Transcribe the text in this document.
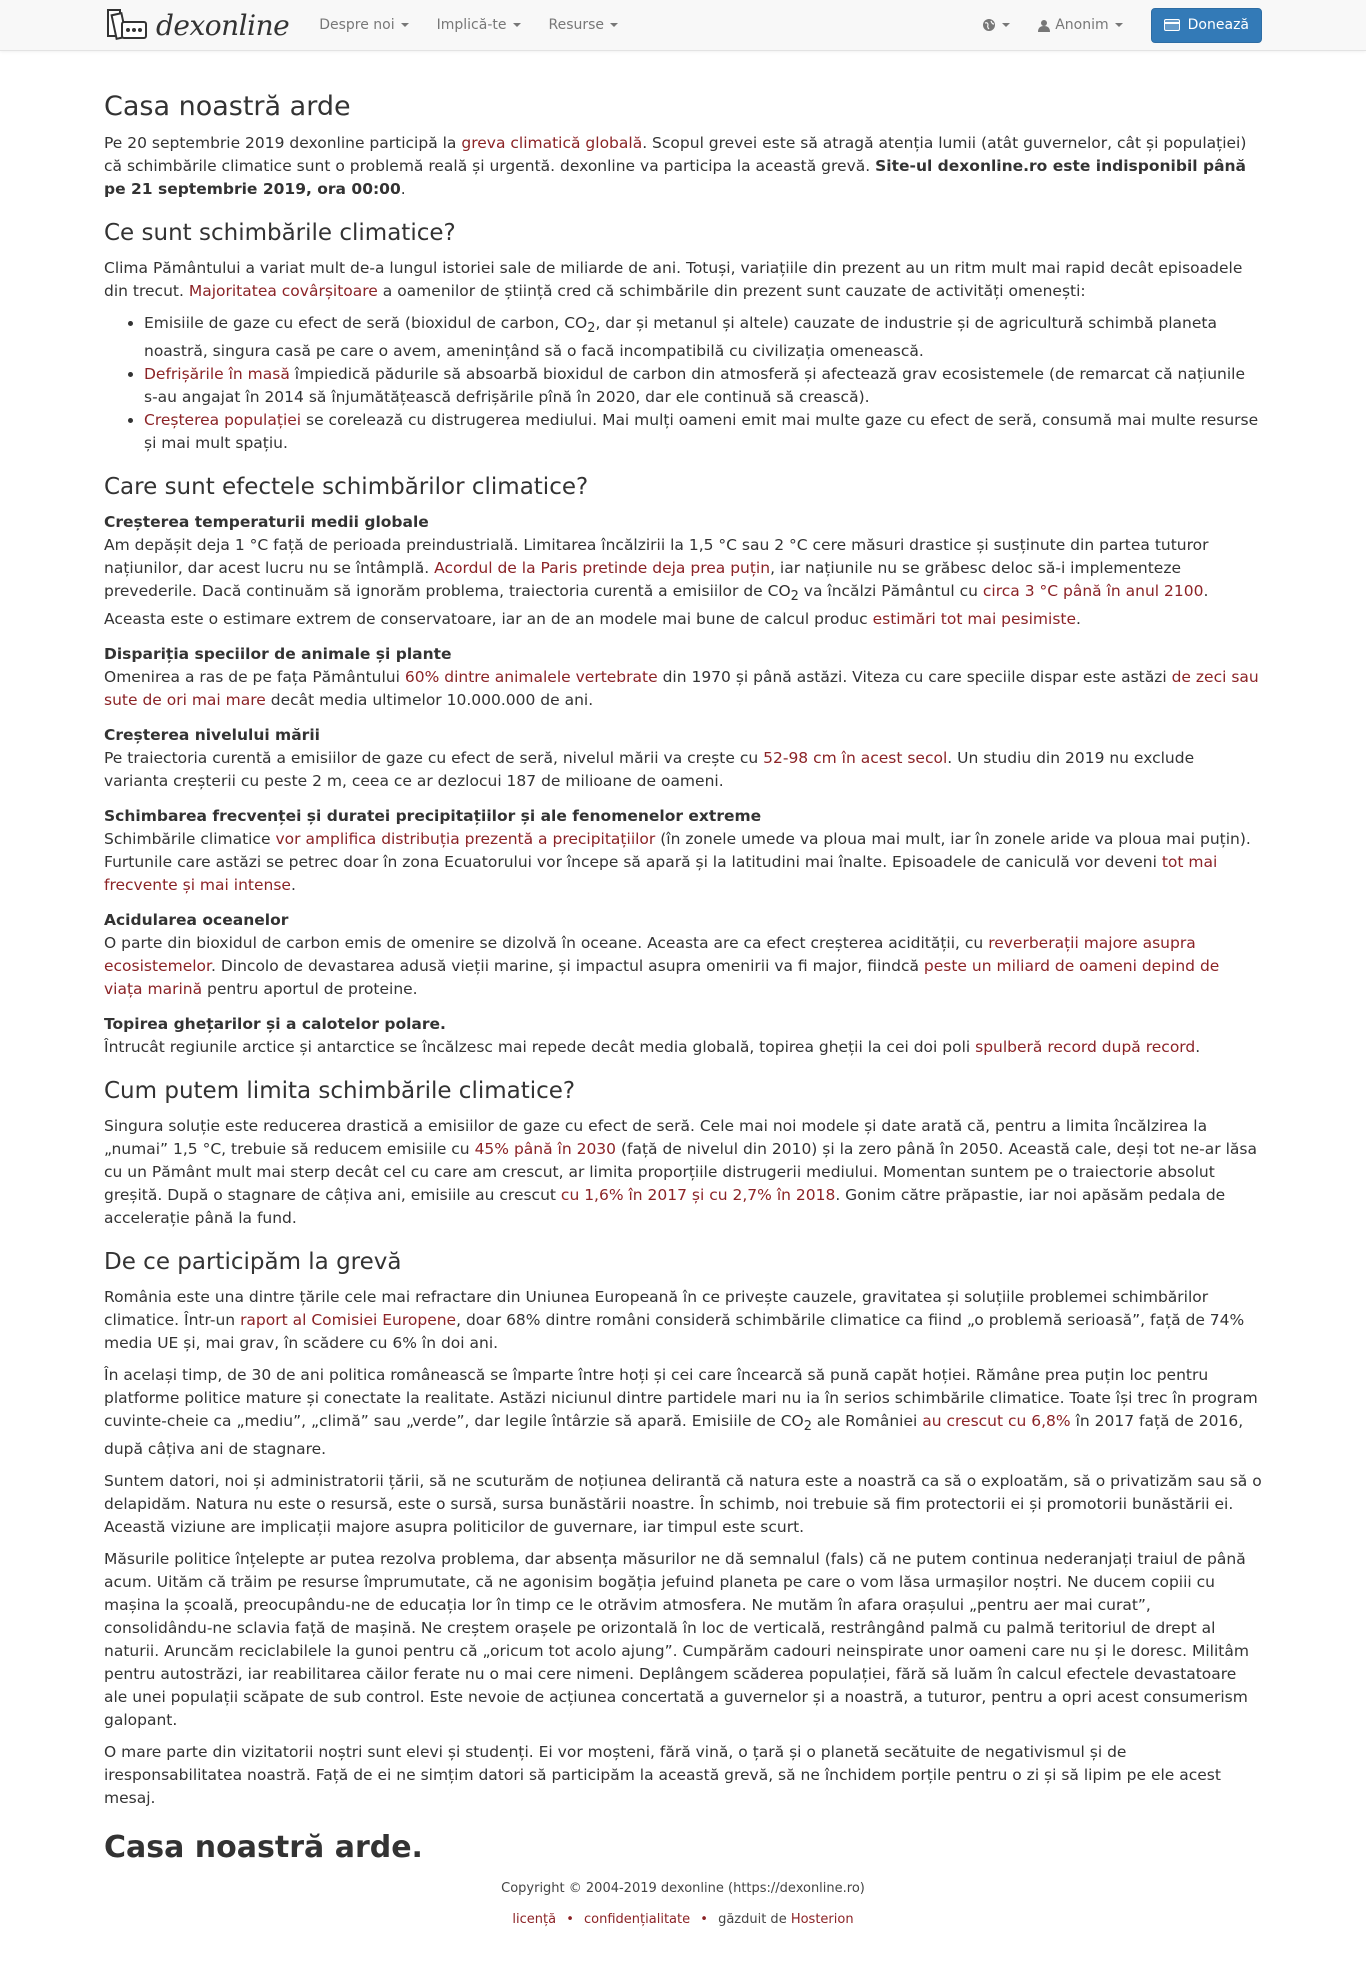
dexonline Despre noi	Implică-te	Resurse	Anonim	Donează
Casa noastră arde

Pe 20 septembrie 2019 dexonline participă la greva climatică globală. Scopul grevei este să atragă atenția lumii (atât guvernelor, cât și populației) că schimbările climatice sunt o problemă reală și urgentă. dexonline va participa la această grevă. Site-ul dexonline.ro este indisponibil până pe 21 septembrie 2019, ora 00:00.

Ce sunt schimbările climatice?

Clima Pământului a variat mult de-a lungul istoriei sale de miliarde de ani. Totuși, variațiile din prezent au un ritm mult mai rapid decât episoadele din trecut. Majoritatea covârșitoare a oamenilor de știință cred că schimbările din prezent sunt cauzate de activități omenești:

• Emisiile de gaze cu efect de seră (bioxidul de carbon, $CO_2$, dar și metanul și altele) cauzate de industrie și de agricultură schimbă planeta noastră, singura casă pe care o avem, amenințând să o facă incompatibilă cu civilizația omenească.
• Defrișările în masă împiedică pădurile să absoarbă bioxidul de carbon din atmosferă și afectează grav ecosistemele (de remarcat că națiunile s-au angajat în 2014 să înjumătățească defrișările pînă în 2020, dar ele continuă să crească).
• Creșterea populației se corelează cu distrugerea mediului. Mai mulți oameni emit mai multe gaze cu efect de seră, consumă mai multe resurse și mai mult spațiu.
Care sunt efectele schimbărilor climatice?
Creșterea temperaturii medii globale
Am depășit deja 1 °C față de perioada preindustrială. Limitarea încălzirii la 1,5 °C sau 2 °C cere măsuri drastice și susținute din partea tuturor națiunilor, dar acest lucru nu se întâmplă. Acordul de la Paris pretinde deja prea puțin, iar națiunile nu se grăbesc deloc să-i implementeze prevederile. Dacă continuăm să ignorăm problema, traiectoria curentă a emisiilor de $CO_2$ va încălzi Pământul cu circa 3 °C până în anul 2100. Aceasta este o estimare extrem de conservatoare, iar an de an modele mai bune de calcul produc estimări tot mai pesimiste.
Dispariția speciilor de animale și plante
Omenirea a ras de pe fața Pământului 60% dintre animalele vertebrate din 1970 și până astăzi. Viteza cu care speciile dispar este astăzi de zeci sau sute de ori mai mare decât media ultimelor 10.000.000 de ani.
Creșterea nivelului mării
Pe traiectoria curentă a emisiilor de gaze cu efect de seră, nivelul mării va crește cu 52-98 cm în acest secol. Un studiu din 2019 nu exclude varianta creșterii cu peste 2 m, ceea ce ar dezlocui 187 de milioane de oameni.
Schimbarea frecvenței și duratei precipitațiilor și ale fenomenelor extreme
Schimbările climatice vor amplifica distribuția prezentă a precipitațiilor (în zonele umede va ploua mai mult, iar în zonele aride va ploua mai puțin). Furtunile care astăzi se petrec doar în zona Ecuatorului vor începe să apară și la latitudini mai înalte. Episoadele de caniculă vor deveni tot mai frecvente și mai intense.
Acidularea oceanelor
O parte din bioxidul de carbon emis de omenire se dizolvă în oceane. Aceasta are ca efect creșterea acidității, cu reverberații majore asupra ecosistemelor. Dincolo de devastarea adusă vieții marine, și impactul asupra omenirii va fi major, fiindcă peste un miliard de oameni depind de viața marină pentru aportul de proteine.
Topirea ghețarilor și a calotelor polare.
Întrucât regiunile arctice și antarctice se încălzesc mai repede decât media globală, topirea gheții la cei doi poli spulberă record după record.
Cum putem limita schimbările climatice?

Singura soluție este reducerea drastică a emisiilor de gaze cu efect de seră. Cele mai noi modele și date arată că, pentru a limita încălzirea la „numai” 1,5 °C, trebuie să reducem emisiile cu 45% până în 2030 (față de nivelul din 2010) și la zero până în 2050. Această cale, deși tot ne-ar lăsa cu un Pământ mult mai sterp decât cel cu care am crescut, ar limita proporțiile distrugerii mediului. Momentan suntem pe o traiectorie absolut greșită. După o stagnare de câțiva ani, emisiile au crescut cu 1,6% în 2017 și cu 2,7% în 2018. Gonim către prăpastie, iar noi apăsăm pedala de accelerație până la fund.

De ce participăm la grevă

România este una dintre țările cele mai refractare din Uniunea Europeană în ce privește cauzele, gravitatea și soluțiile problemei schimbărilor climatice. Într-un raport al Comisiei Europene, doar 68% dintre români consideră schimbările climatice ca fiind „o problemă serioasă”, față de 74% media UE și, mai grav, în scădere cu 6% în doi ani.

În același timp, de 30 de ani politica românească se împarte între hoți și cei care încearcă să pună capăt hoției. Rămâne prea puțin loc pentru platforme politice mature și conectate la realitate. Astăzi niciunul dintre partidele mari nu ia în serios schimbările climatice. Toate își trec în program cuvinte-cheie ca „mediu”, „climă” sau „verde”, dar legile întârzie să apară. Emisiile de $CO_2$ ale României au crescut cu 6,8% în 2017 față de 2016, după câțiva ani de stagnare.

Suntem datori, noi și administratorii țării, să ne scuturăm de noțiunea delirantă că natura este a noastră ca să o exploatăm, să o privatizăm sau să o delapidăm. Natura nu este o resursă, este o sursă, sursa bunăstării noastre. În schimb, noi trebuie să fim protectorii ei și promotorii bunăstării ei. Această viziune are implicații majore asupra politicilor de guvernare, iar timpul este scurt.

Măsurile politice înțelepte ar putea rezolva problema, dar absența măsurilor ne dă semnalul (fals) că ne putem continua nederanjați traiul de până acum. Uităm că trăim pe resurse împrumutate, că ne agonisim bogăția jefuind planeta pe care o vom lăsa urmașilor noștri. Ne ducem copiii cu mașina la școală, preocupându-ne de educația lor în timp ce le otrăvim atmosfera. Ne mutăm în afara orașului „pentru aer mai curat”, consolidându-ne sclavia față de mașină. Ne creștem orașele pe orizontală în loc de verticală, restrângând palmă cu palmă teritoriul de drept al naturii. Aruncăm reciclabilele la gunoi pentru că „oricum tot acolo ajung”. Cumpărăm cadouri neinspirate unor oameni care nu și le doresc. Militâm pentru autostrăzi, iar reabilitarea căilor ferate nu o mai cere nimeni. Deplângem scăderea populației, fără să luăm în calcul efectele devastatoare ale unei populații scăpate de sub control. Este nevoie de acțiunea concertată a guvernelor și a noastră, a tuturor, pentru a opri acest consumerism galopant.

O mare parte din vizitatorii noștri sunt elevi și studenți. Ei vor moșteni, fără vină, o țară și o planetă secătuite de negativismul și de iresponsabilitatea noastră. Față de ei ne simțim datori să participăm la această grevă, să ne închidem porțile pentru o zi și să lipim pe ele acest mesaj.

Casa noastră arde.
Copyright © 2004-2019 dexonline (https://dexonline.ro)
licență • confidențialitate • găzduit de Hosterion
